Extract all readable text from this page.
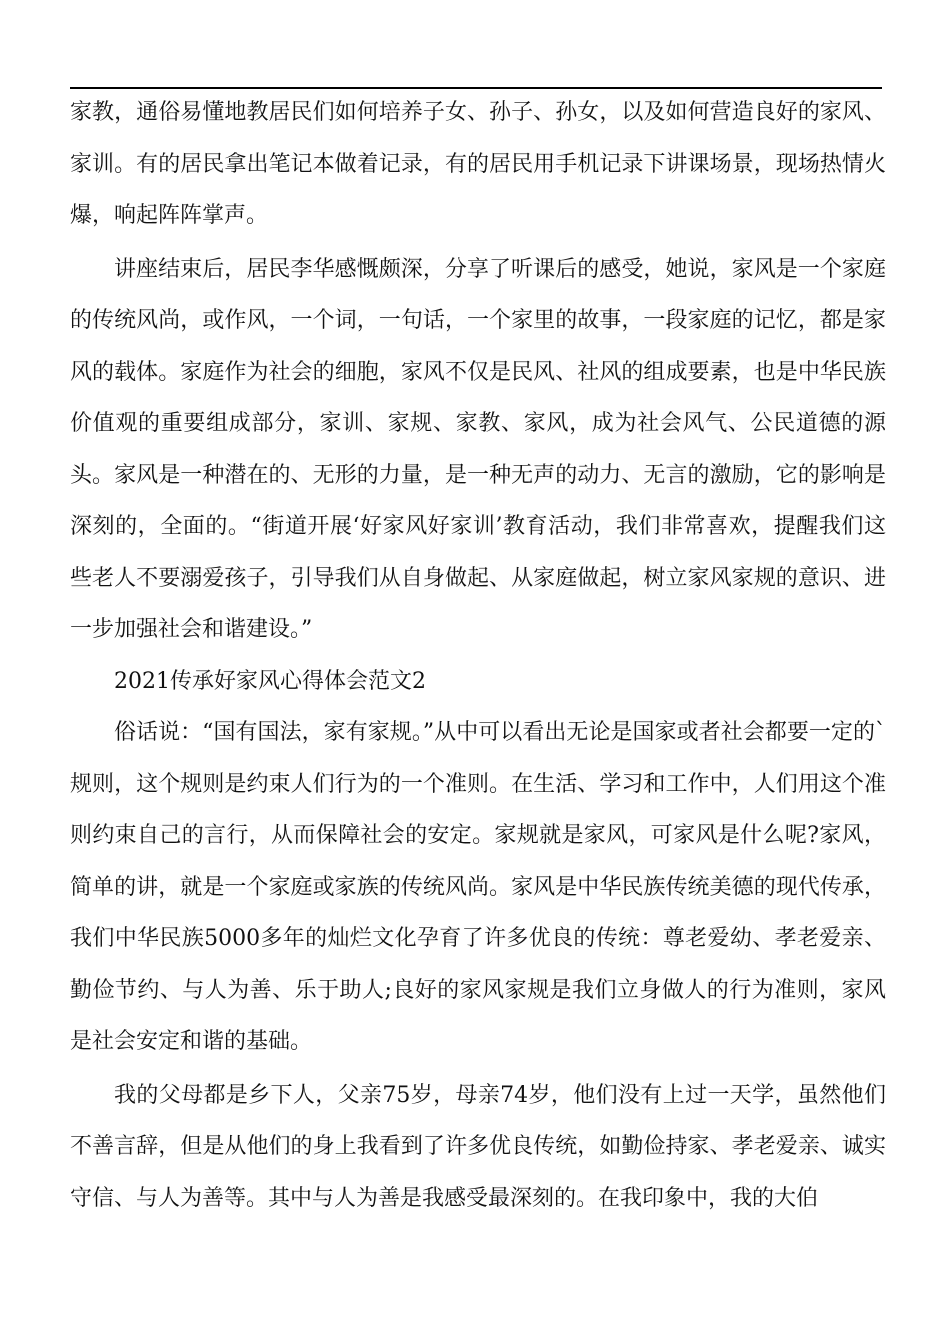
家教，通俗易懂地教居民们如何培养子女、孙子、孙女，以及如何营造良好的家风、家训。有的居民拿出笔记本做着记录，有的居民用手机记录下讲课场景，现场热情火爆，响起阵阵掌声。

讲座结束后，居民李华感慨颇深，分享了听课后的感受，她说，家风是一个家庭的传统风尚，或作风，一个词，一句话，一个家里的故事，一段家庭的记忆，都是家风的载体。家庭作为社会的细胞，家风不仅是民风、社风的组成要素，也是中华民族价值观的重要组成部分，家训、家规、家教、家风，成为社会风气、公民道德的源头。家风是一种潜在的、无形的力量，是一种无声的动力、无言的激励，它的影响是深刻的，全面的。“街道开展‘好家风好家训’教育活动，我们非常喜欢，提醒我们这些老人不要溺爱孩子，引导我们从自身做起、从家庭做起，树立家风家规的意识、进一步加强社会和谐建设。”

2021传承好家风心得体会范文2

俗话说：“国有国法，家有家规。”从中可以看出无论是国家或者社会都要一定的`规则，这个规则是约束人们行为的一个准则。在生活、学习和工作中，人们用这个准则约束自己的言行，从而保障社会的安定。家规就是家风，可家风是什么呢?家风，简单的讲，就是一个家庭或家族的传统风尚。家风是中华民族传统美德的现代传承，我们中华民族5000多年的灿烂文化孕育了许多优良的传统：尊老爱幼、孝老爱亲、勤俭节约、与人为善、乐于助人;良好的家风家规是我们立身做人的行为准则，家风是社会安定和谐的基础。

我的父母都是乡下人，父亲75岁，母亲74岁，他们没有上过一天学，虽然他们不善言辞，但是从他们的身上我看到了许多优良传统，如勤俭持家、孝老爱亲、诚实守信、与人为善等。其中与人为善是我感受最深刻的。在我印象中，我的大伯
